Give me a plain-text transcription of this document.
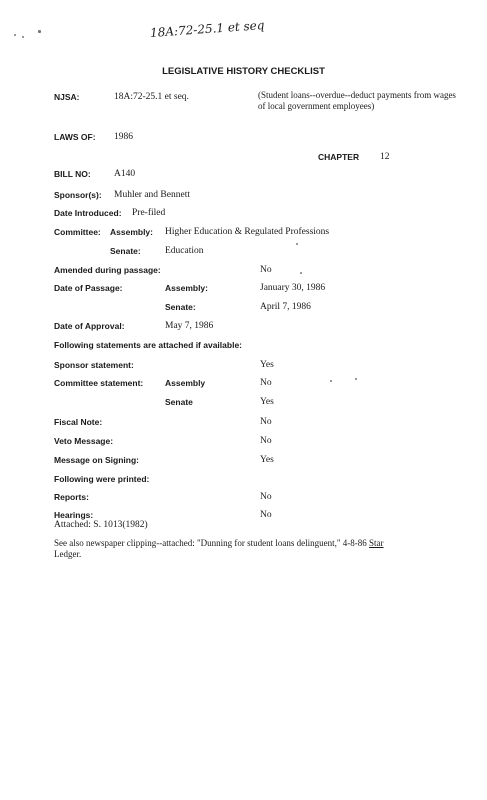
18A:72-25.1 et seq
LEGISLATIVE HISTORY CHECKLIST
NJSA:	18A:72-25.1 et seq.	(Student loans--overdue--deduct payments from wages of local government employees)
LAWS OF: 1986
CHAPTER 12
BILL NO: A140
Sponsor(s): Muhler and Bennett
Date Introduced: Pre-filed
Committee: Assembly: Higher Education & Regulated Professions
Senate:	Education
Amended during passage:	No
Date of Passage:	Assembly:	January 30, 1986
Senate:	April 7, 1986
Date of Approval:	May 7, 1986
Following statements are attached if available:
Sponsor statement:	Yes
Committee statement:	Assembly	No
Senate	Yes
Fiscal Note:	No
Veto Message:	No
Message on Signing:	Yes
Following were printed:
Reports:	No
Hearings:	No
Attached: S. 1013(1982)
See also newspaper clipping--attached: "Dunning for student loans delinguent," 4-8-86 Star
Ledger.
